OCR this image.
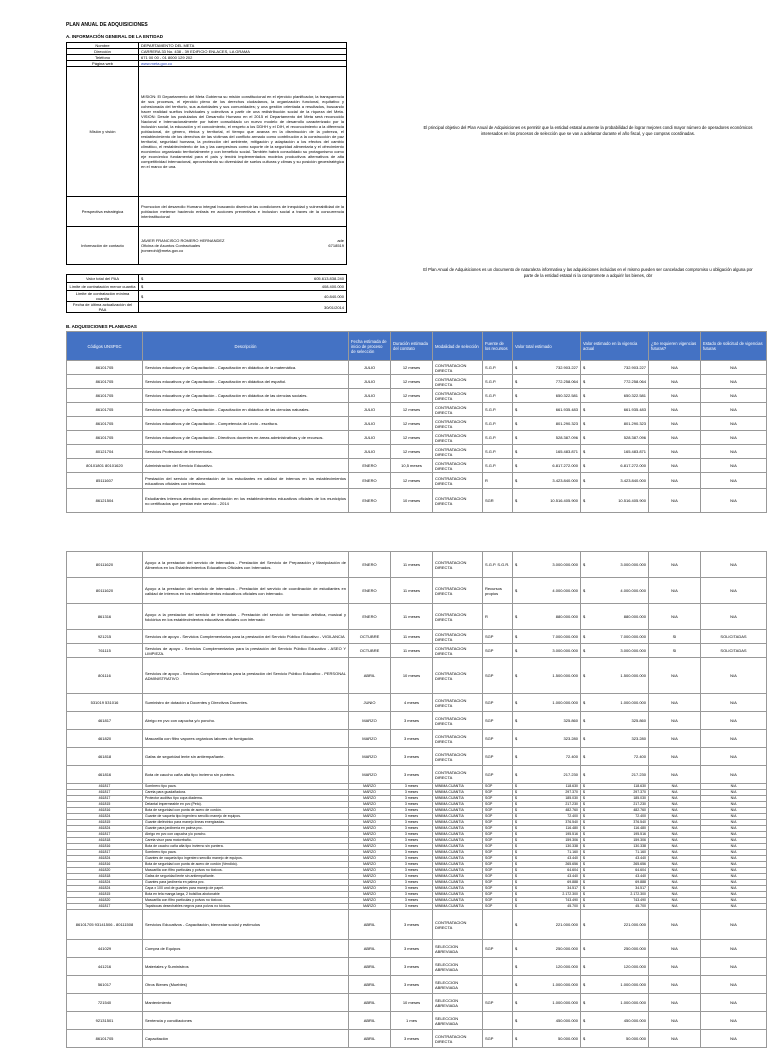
PLAN ANUAL DE ADQUISICIONES
A. INFORMACIÓN GENERAL DE LA ENTIDAD
Nombre	DEPARTAMENTO DEL META
Dirección	CARRERA 33 No. 438 - 39 EDIFICIO ENLACES, LA GRAMA
Teléfono	671 00 00 - 01 8000 129 202
Página web	www.meta.gov.co
Misión y visión	MISION: El Departamento del Meta Gobierna su misión constitucional en el ejercicio planificador, la transparencia de sus procesos, el ejercicio pleno de los derechos ciudadanos, la organización funcional, equitativo y cohesionada del territorio, sus autoridades y sus comunidades; y una gestión orientada a resultados, buscando hacer realidad sueños individuales y colectivos a partir de una redistribución social de la riqueza del Meta. VISION: Desde los postulados del Desarrollo Humano en el 2015 el Departamento del Meta será reconocido Nacional e Internacionalmente por haber consolidado un nuevo modelo de desarrollo caracterizado por la inclusión social, la educación y el conocimiento, el respeto a los DDHH y el DIH, el reconocimiento a la diferencia poblacional, de género, étnica y territorial, el tiempo que avanza en la disminución de la pobreza, el restablecimiento de los derechos de las víctimas del conflicto armado como contribución a la construcción de paz territorial, seguridad humana, la protección del ambiente, mitigación y adaptación a los efectos del cambio climático, el restablecimiento de los y las campesinos como soporte de la seguridad alimentaria y el ofrecimiento económico organizado territorialmente y con beneficio social. También habrá consolidado su protagonismo como eje económico fundamental para el país y tendrá implementados modelos productivos alternativos de alta competitividad internacional, aprovechando su diversidad de suelos culturas y climas y su posición geoestratégica en el marco de una.
Perspectiva estratégica	Promocion del desarrollo Humano integral buscando disminuir las condiciones de inequidad y vulnerabilidad de la poblacion metense haciendo enfasis en acciones preventivas e inclusion social a traves de la concurrencia interinstitucional
Información de contacto	JAVIER FRANCISCO ROMERO HERNANDEZ ade
Oficina de Asuntos Contractuales 6718519
jromerohl@meta.gov.co

Valor total del PAA	$ 605.613.838.240

Límite de contratación menor cuantía	$ 408.400.000

Límite de contratación mínima cuantía	$ 40.840.000

Fecha de última actualización del PAA	30/01/2014
El principal objetivo del Plan Anual de Adquisiciones es permitir que la entidad estatal aumente la probabilidad de lograr mejores condi mayor número de operadores económicos interesados en los procesos de selección que se van a adelantar durante el año fiscal, y que compras coordinadas.
El Plan Anual de Adquisiciones es un documento de naturaleza informativa y las adquisiciones incluidas en el mismo pueden ser canceladas compromiso u obligación alguna por parte de la entidad estatal ni la compromete a adquirir los bienes, obr
B. ADQUISICIONES PLANEADAS
Códigos UNSPSC	Descripción	Fecha estimada de inicio de proceso de selección	Duración estimada del contrato	Modalidad de selección	Fuente de los recursos	Valor total estimado	Valor estimado en la vigencia actual	¿Se requieren vigencias futuras?	Estado de solicitud de vigencias futuras
86101705	Servicios educativos y de Capacitación - Capacitación en didáctica de la matemática.	JULIO	12 meses	CONTRATACION DIRECTA	S.G.P.	$ 732.903.227	$ 732.903.227	N/A	N/A
86101705	Servicios educativos y de Capacitación - Capacitación en didáctica del español.	JULIO	12 meses	CONTRATACION DIRECTA	S.G.P.	$ 772.258.064	$ 772.258.064	N/A	N/A
86101705	Servicios educativos y de Capacitación - Capacitación en didáctica de las ciencias sociales.	JULIO	12 meses	CONTRATACION DIRECTA	S.G.P.	$ 650.322.581	$ 650.322.581	N/A	N/A
86101705	Servicios educativos y de Capacitación - Capacitación en didáctica de las ciencias naturales.	JULIO	12 meses	CONTRATACION DIRECTA	S.G.P.	$ 661.935.483	$ 661.935.483	N/A	N/A
86101705	Servicios educativos y de Capacitación - Competencia de Lecto - escritura.	JULIO	12 meses	CONTRATACION DIRECTA	S.G.P.	$ 801.290.323	$ 801.290.323	N/A	N/A
86101705	Servicios educativos y de Capacitación - Directivos docentes en áreas administrativas y de recursos.	JULIO	12 meses	CONTRATACION DIRECTA	S.G.P.	$ 528.387.096	$ 528.387.096	N/A	N/A
80121704	Servicios Profesional de Interventoría.	JULIO	12 meses	CONTRATACION DIRECTA	S.G.P.	$ 165.483.871	$ 165.483.871	N/A	N/A
80101801 80101620	Administración del Servicio Educativo.	ENERO	10,5 meses	CONTRATACION DIRECTA	S.G.P.	$ 6.817.272.000	$ 6.817.272.000	N/A	N/A
85111607	Prestación del servicio de alimentación de los estudiantes en calidad de internos en los establecimientos educativos oficiales con internado.	ENERO	12 meses	CONTRATACION DIRECTA	R	$ 3.423.840.000	$ 3.423.840.000	N/A	N/A
86121504	Estudiantes internos atendidos con alimentación en los establecimientos educativos oficiales de los municipios no certificados que prestan este servicio - 2014	ENERO	10 meses	CONTRATACION DIRECTA	SGR	$ 10.516.405.900	$ 10.516.405.900	N/A	N/A
80111620	Apoyo a la prestacion del servicio de internados - Prestación del Servicio de Preparación y Manipulación de Alimentos en los Establecimientos Educativos Oficiales con Internados.	ENERO	11 meses	CONTRATACION DIRECTA	S.G.P. S.G.R.	$ 3.000.000.000	$ 3.000.000.000	N/A	N/A
80111620	Apoyo a la prestacion del servicio de internados - Prestación del servicio de coordinación de estudiantes en calidad de internos en los establecimientos educativos oficiales con internado.	ENERO	11 meses	CONTRATACION DIRECTA	Recursos propios	$ 4.000.000.000	$ 4.000.000.000	N/A	N/A
861316	Apoyo a la prestacion del servicio de internados - Prestación del servicio de formación artística, musical y folclórica en los establecimientos educativos oficiales con internado	ENERO	11 meses	CONTRATACION DIRECTA	R	$ 880.000.000	$ 880.000.000	N/A	N/A
921215	Servicios de apoyo - Servicios Complementarios para la prestación del Servicio Público Educativo - VIGILANCIA	OCTUBRE	11 meses	CONTRATACION DIRECTA	SGP	$ 7.000.000.000	$ 7.000.000.000	SI	SOLICITADAS
761115	Servicios de apoyo - Servicios Complementarios para la prestación del Servicio Público Educativo - ASEO Y LIMPIEZA.	OCTUBRE	11 meses	CONTRATACION DIRECTA	SGP	$ 3.000.000.000	$ 3.000.000.000	SI	SOLICITADAS
801116	Servicios de apoyo - Servicios Complementarios para la prestación del Servicio Público Educativo - PERSONAL ADMINISTRATIVO	ABRIL	10 meses	CONTRATACION DIRECTA	SGP	$ 1.500.000.000	$ 1.500.000.000	N/A	N/A
531019 531016	Suministro de dotación a Docentes y Directivos Docentes.	JUNIO	4 meses	CONTRATACION DIRECTA	SGP	$ 1.000.000.000	$ 1.000.000.000	N/A	N/A
461817	Abrigo en pvc con capucha y/o poncho.	MARZO	3 meses	CONTRATACION DIRECTA	SGP	$ 325.860	$ 325.860	N/A	N/A
461820	Mascarilla con filtro vapores orgánicos labores de fumigación.	MARZO	3 meses	CONTRATACION DIRECTA	SGP	$ 323.280	$ 323.280	N/A	N/A
461818	Gafas de seguridad lente sin antiempañante.	MARZO	3 meses	CONTRATACION DIRECTA	SGP	$ 72.400	$ 72.400	N/A	N/A
461816	Bota de caucho caña alta tipo invierno sin puntera.	MARZO	3 meses	CONTRATACION DIRECTA	SGP	$ 217.230	$ 217.230	N/A	N/A
461817	Sombrero tipo pava.	MARZO	3 meses	MINIMA CUANTIA	SGP	$ 118.630	$ 118.630	N/A	N/A
461817	Careta para guadañadora.	MARZO	3 meses	MINIMA CUANTIA	SGP	$ 297.370	$ 297.370	N/A	N/A
461817	Protector auditivo tipo copa diadema.	MARZO	3 meses	MINIMA CUANTIA	SGP	$ 185.030	$ 185.030	N/A	N/A
461815	Delantal impermeable en pvc (Peto).	MARZO	3 meses	MINIMA CUANTIA	SGP	$ 217.230	$ 217.230	N/A	N/A
461816	Bota de seguridad con punta de acero de cordón.	MARZO	3 meses	MINIMA CUANTIA	SGP	$ 482.760	$ 482.760	N/A	N/A
461824	Guante de vaqueta tipo ingeniero sencillo manejo de equipos.	MARZO	3 meses	MINIMA CUANTIA	SGP	$ 72.400	$ 72.400	N/A	N/A
461815	Guante dieléctrico para manejo líneas energizadas.	MARZO	3 meses	MINIMA CUANTIA	SGP	$ 376.540	$ 376.540	N/A	N/A
461824	Guante para jardinería en palma pvc.	MARZO	3 meses	MINIMA CUANTIA	SGP	$ 116.480	$ 116.480	N/A	N/A
461817	Abrigo en pvc con capucha y/o poncho.	MARZO	3 meses	MINIMA CUANTIA	SGP	$ 195.516	$ 195.516	N/A	N/A
461818	Careta visor para motorrbaño.	MARZO	3 meses	MINIMA CUANTIA	SGP	$ 159.306	$ 159.306	N/A	N/A
461816	Bota de caucho caña alta tipo invierno sin puntera.	MARZO	3 meses	MINIMA CUANTIA	SGP	$ 130.338	$ 130.338	N/A	N/A
461817	Sombrero tipo pava.	MARZO	3 meses	MINIMA CUANTIA	SGP	$ 71.160	$ 71.160	N/A	N/A
461824	Guantes de vaqueta tipo ingeniero sencillo manejo de equipos.	MARZO	3 meses	MINIMA CUANTIA	SGP	$ 43.440	$ 43.440	N/A	N/A
461816	Bota de seguridad con punta de acero de cordón (Vendido).	MARZO	3 meses	MINIMA CUANTIA	SGP	$ 265.656	$ 265.656	N/A	N/A
461820	Mascarilla con filtro partículas y polvos no tóxicos.	MARZO	3 meses	MINIMA CUANTIA	SGP	$ 64.604	$ 64.604	N/A	N/A
461818	Gafas de seguridad lente sin antiempañante.	MARZO	3 meses	MINIMA CUANTIA	SGP	$ 43.440	$ 43.440	N/A	N/A
461824	Guantes para jardinería en palma pvc.	MARZO	3 meses	MINIMA CUANTIA	SGP	$ 69.888	$ 69.888	N/A	N/A
461824	Capa x 100 und de guantes para manejo de papel.	MARZO	3 meses	MINIMA CUANTIA	SGP	$ 34.517	$ 34.517	N/A	N/A
461815	Bota en tela manga larga, 2 bolsillos abotonable	MARZO	3 meses	MINIMA CUANTIA	SGP	$ 2.172.300	$ 2.172.300	N/A	N/A
461820	Mascarilla con filtro partículas y polvos no tóxicos.	MARZO	3 meses	MINIMA CUANTIA	SGP	$ 743.490	$ 743.490	N/A	N/A
461817	Tapabocas desechables negros para polvos no tóxicos.	MARZO	3 meses	MINIMA CUANTIA	SGP	$ 45.700	$ 45.700	N/A	N/A
86101705 93141506 - 80111508	Servicios Educativos - Capacitación, bienestar social y estímulos	ABRIL	3 meses	CONTRATACION DIRECTA		$ 221.000.000	$ 221.000.000	N/A	N/A
441029	Compra de Equipos	ABRIL	3 meses	SELECCION ABREVIADA	SGP	$ 250.000.000	$ 250.000.000	N/A	N/A
441216	Materiales y Suministros	ABRIL	3 meses	SELECCION ABREVIADA		$ 120.000.000	$ 120.000.000	N/A	N/A
561017	Otros Bienes (Muebles)	ABRIL	3 meses	SELECCION ABREVIADA		$ 1.000.000.000	$ 1.000.000.000	N/A	N/A
721540	Mantenimiento	ABRIL	10 meses	SELECCION ABREVIADA	SGP	$ 1.000.000.000	$ 1.000.000.000	N/A	N/A
92131501	Sentencia y conciliaciones	ABRIL	1 mes	SELECCION ABREVIADA		$ 450.000.000	$ 450.000.000	N/A	N/A
86101705	Capacitación	ABRIL	3 meses	CONTRATACION DIRECTA	SGP	$ 50.000.000	$ 50.000.000	N/A	N/A
